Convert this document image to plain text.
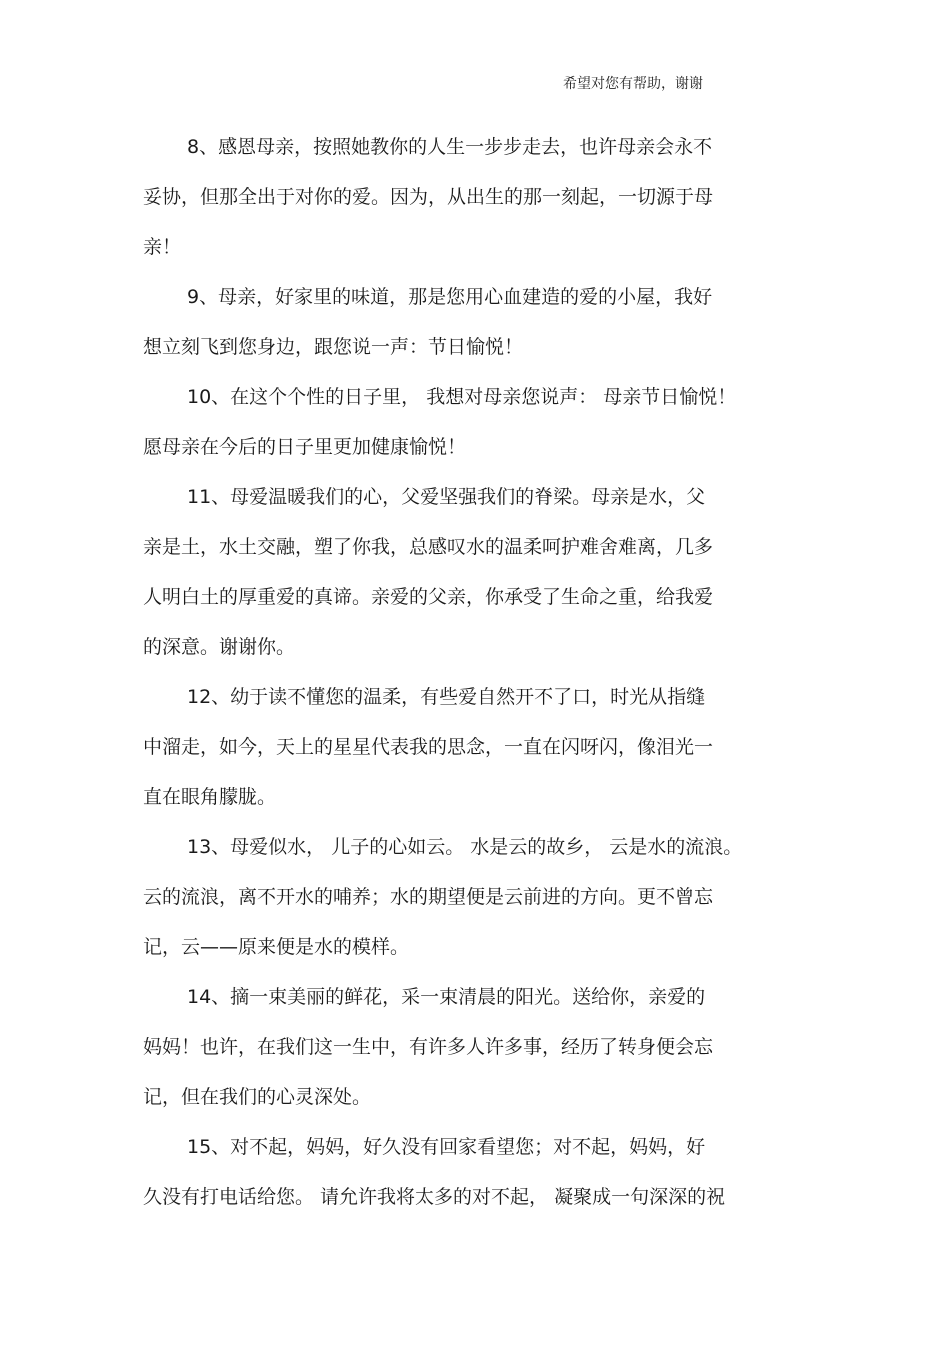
希望对您有帮助，谢谢
8、感恩母亲，按照她教你的人生一步步走去，也许母亲会永不
妥协，但那全出于对你的爱。因为，从出生的那一刻起，一切源于母
亲！
9、母亲，好家里的味道，那是您用心血建造的爱的小屋，我好
想立刻飞到您身边，跟您说一声：节日愉悦！
10、在这个个性的日子里， 我想对母亲您说声： 母亲节日愉悦！
愿母亲在今后的日子里更加健康愉悦！
11、母爱温暖我们的心，父爱坚强我们的脊梁。母亲是水，父
亲是土，水土交融，塑了你我，总感叹水的温柔呵护难舍难离，几多
人明白土的厚重爱的真谛。亲爱的父亲，你承受了生命之重，给我爱
的深意。谢谢你。
12、幼于读不懂您的温柔，有些爱自然开不了口，时光从指缝
中溜走，如今，天上的星星代表我的思念，一直在闪呀闪，像泪光一
直在眼角朦胧。
13、母爱似水， 儿子的心如云。 水是云的故乡， 云是水的流浪。
云的流浪，离不开水的哺养；水的期望便是云前进的方向。更不曾忘
记，云——原来便是水的模样。
14、摘一束美丽的鲜花，采一束清晨的阳光。送给你，亲爱的
妈妈！也许，在我们这一生中，有许多人许多事，经历了转身便会忘
记，但在我们的心灵深处。
15、对不起，妈妈，好久没有回家看望您；对不起，妈妈，好
久没有打电话给您。 请允许我将太多的对不起， 凝聚成一句深深的祝
